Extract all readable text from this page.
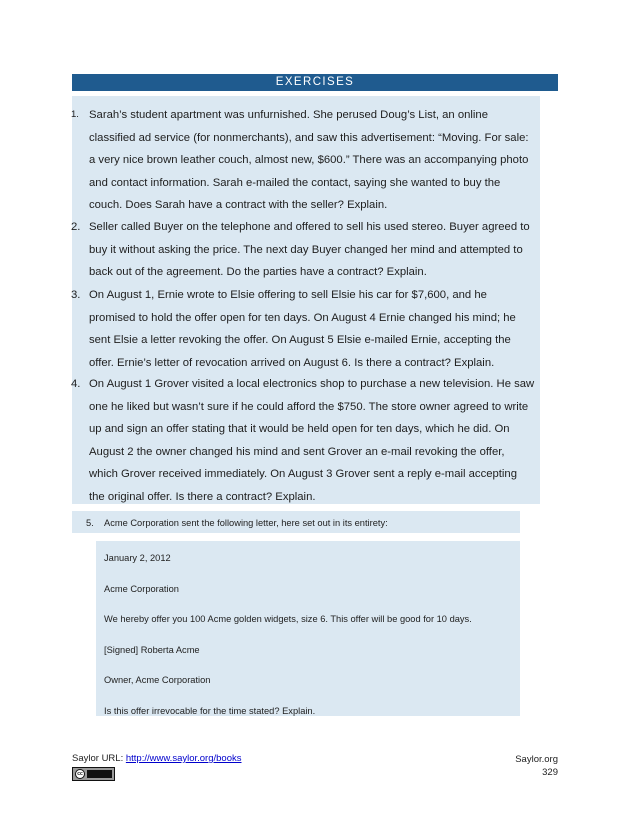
EXERCISES
1. Sarah’s student apartment was unfurnished. She perused Doug’s List, an online classified ad service (for nonmerchants), and saw this advertisement: “Moving. For sale: a very nice brown leather couch, almost new, $600.” There was an accompanying photo and contact information. Sarah e-mailed the contact, saying she wanted to buy the couch. Does Sarah have a contract with the seller? Explain.
2. Seller called Buyer on the telephone and offered to sell his used stereo. Buyer agreed to buy it without asking the price. The next day Buyer changed her mind and attempted to back out of the agreement. Do the parties have a contract? Explain.
3. On August 1, Ernie wrote to Elsie offering to sell Elsie his car for $7,600, and he promised to hold the offer open for ten days. On August 4 Ernie changed his mind; he sent Elsie a letter revoking the offer. On August 5 Elsie e-mailed Ernie, accepting the offer. Ernie’s letter of revocation arrived on August 6. Is there a contract? Explain.
4. On August 1 Grover visited a local electronics shop to purchase a new television. He saw one he liked but wasn’t sure if he could afford the $750. The store owner agreed to write up and sign an offer stating that it would be held open for ten days, which he did. On August 2 the owner changed his mind and sent Grover an e-mail revoking the offer, which Grover received immediately. On August 3 Grover sent a reply e-mail accepting the original offer. Is there a contract? Explain.
5. Acme Corporation sent the following letter, here set out in its entirety:
January 2, 2012
Acme Corporation
We hereby offer you 100 Acme golden widgets, size 6. This offer will be good for 10 days.
[Signed] Roberta Acme
Owner, Acme Corporation
Is this offer irrevocable for the time stated? Explain.
Saylor URL: http://www.saylor.org/books
cc
Saylor.org
329
